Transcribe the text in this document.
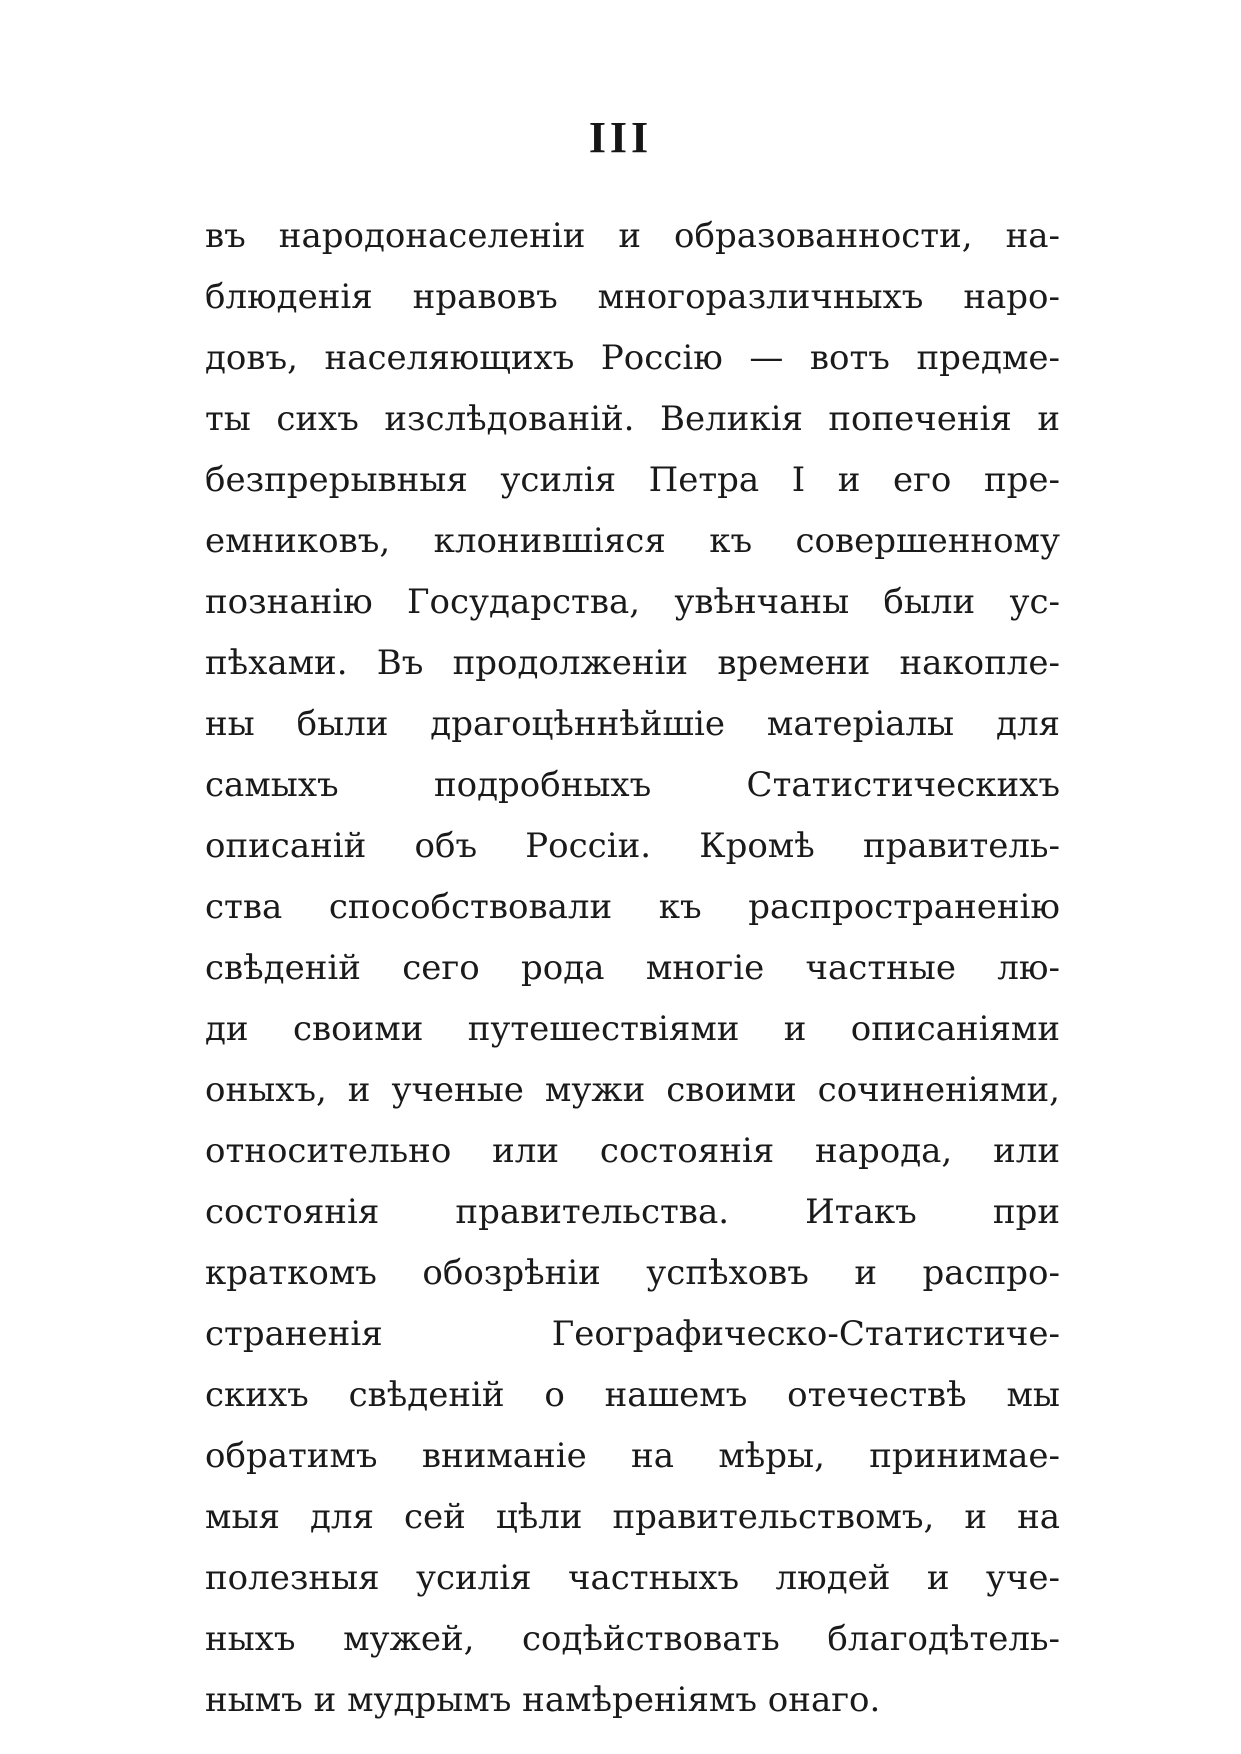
III
въ народонаселеніи и образованности, на-
блюденія нравовъ многоразличныхъ наро-
довъ, населяющихъ Россію — вотъ предме-
ты сихъ изслѣдованій. Великія попеченія и
безпрерывныя усилія Петра I и его пре-
емниковъ, клонившіяся къ совершенному
познанію Государства, увѣнчаны были ус-
пѣхами. Въ продолженіи времени накопле-
ны были драгоцѣннѣйшіе матеріалы для
самыхъ подробныхъ Статистическихъ
описаній объ Россіи. Кромѣ правитель-
ства способствовали къ распространенію
свѣденій сего рода многіе частные лю-
ди своими путешествіями и описаніями
оныхъ, и ученые мужи своими сочиненіями,
относительно или состоянія народа, или
состоянія правительства. Итакъ при
краткомъ обозрѣніи успѣховъ и распро-
страненія Географическо-Статистиче-
скихъ свѣденій о нашемъ отечествѣ мы
обратимъ вниманіе на мѣры, принимае-
мыя для сей цѣли правительствомъ, и на
полезныя усилія частныхъ людей и уче-
ныхъ мужей, содѣйствовать благодѣтель-
нымъ и мудрымъ намѣреніямъ онаго.
